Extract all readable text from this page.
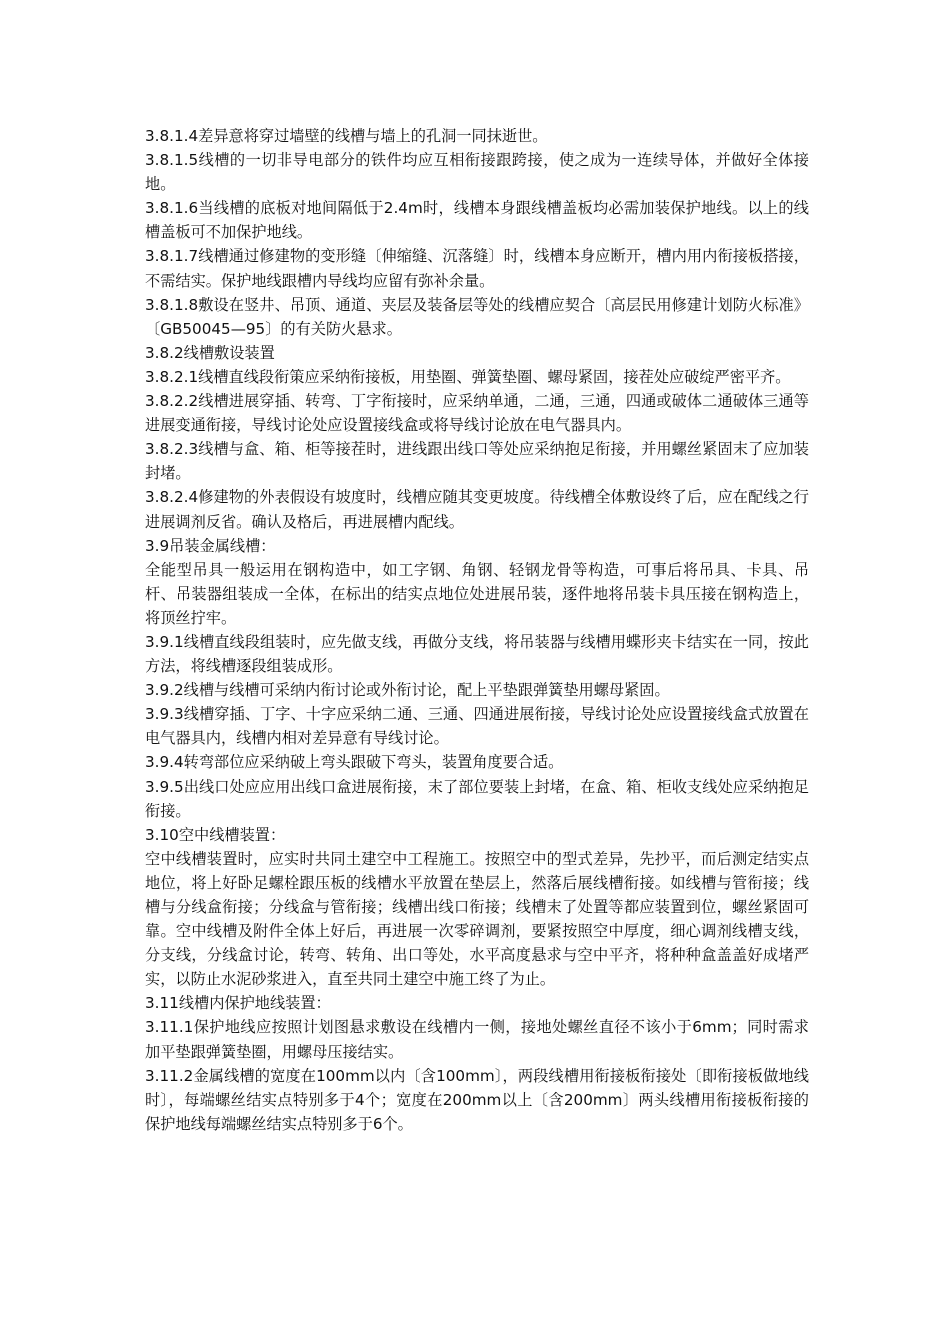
3.8.1.4差异意将穿过墙壁的线槽与墙上的孔洞一同抹逝世。

3.8.1.5线槽的一切非导电部分的铁件均应互相衔接跟跨接，使之成为一连续导体，并做好全体接地。

3.8.1.6当线槽的底板对地间隔低于2.4m时，线槽本身跟线槽盖板均必需加装保护地线。以上的线槽盖板可不加保护地线。

3.8.1.7线槽通过修建物的变形缝〔伸缩缝、沉落缝〕时，线槽本身应断开，槽内用内衔接板搭接，不需结实。保护地线跟槽内导线均应留有弥补余量。

3.8.1.8敷设在竖井、吊顶、通道、夹层及装备层等处的线槽应契合〔高层民用修建计划防火标准》〔GB50045—95〕的有关防火悬求。

3.8.2线槽敷设装置

3.8.2.1线槽直线段衔策应采纳衔接板，用垫圈、弹簧垫圈、螺母紧固，接茬处应破绽严密平齐。

3.8.2.2线槽进展穿插、转弯、丁字衔接时，应采纳单通，二通，三通，四通或破体二通破体三通等进展变通衔接，导线讨论处应设置接线盒或将导线讨论放在电气器具内。

3.8.2.3线槽与盒、箱、柜等接茬时，进线跟出线口等处应采纳抱足衔接，并用螺丝紧固末了应加装封堵。

3.8.2.4修建物的外表假设有坡度时，线槽应随其变更坡度。待线槽全体敷设终了后，应在配线之行进展调剂反省。确认及格后，再进展槽内配线。

3.9吊装金属线槽：

全能型吊具一般运用在钢构造中，如工字钢、角钢、轻钢龙骨等构造，可事后将吊具、卡具、吊杆、吊装器组装成一全体，在标出的结实点地位处进展吊装，逐件地将吊装卡具压接在钢构造上，将顶丝拧牢。

3.9.1线槽直线段组装时，应先做支线，再做分支线，将吊装器与线槽用蝶形夹卡结实在一同，按此方法，将线槽逐段组装成形。

3.9.2线槽与线槽可采纳内衔讨论或外衔讨论，配上平垫跟弹簧垫用螺母紧固。

3.9.3线槽穿插、丁字、十字应采纳二通、三通、四通进展衔接，导线讨论处应设置接线盒式放置在电气器具内，线槽内相对差异意有导线讨论。

3.9.4转弯部位应采纳破上弯头跟破下弯头，装置角度要合适。

3.9.5出线口处应应用出线口盒进展衔接，末了部位要装上封堵，在盒、箱、柜收支线处应采纳抱足衔接。

3.10空中线槽装置：

空中线槽装置时，应实时共同土建空中工程施工。按照空中的型式差异，先抄平，而后测定结实点地位，将上好卧足螺栓跟压板的线槽水平放置在垫层上，然落后展线槽衔接。如线槽与管衔接；线槽与分线盒衔接；分线盒与管衔接；线槽出线口衔接；线槽末了处置等都应装置到位，螺丝紧固可靠。空中线槽及附件全体上好后，再进展一次零碎调剂，要紧按照空中厚度，细心调剂线槽支线，分支线，分线盒讨论，转弯、转角、出口等处，水平高度悬求与空中平齐，将种种盒盖盖好成堵严实，以防止水泥砂浆进入，直至共同土建空中施工终了为止。

3.11线槽内保护地线装置：

3.11.1保护地线应按照计划图悬求敷设在线槽内一侧，接地处螺丝直径不该小于6mm；同时需求加平垫跟弹簧垫圈，用螺母压接结实。

3.11.2金属线槽的宽度在100mm以内〔含100mm〕，两段线槽用衔接板衔接处〔即衔接板做地线时〕，每端螺丝结实点特别多于4个；宽度在200mm以上〔含200mm〕两头线槽用衔接板衔接的保护地线每端螺丝结实点特别多于6个。
